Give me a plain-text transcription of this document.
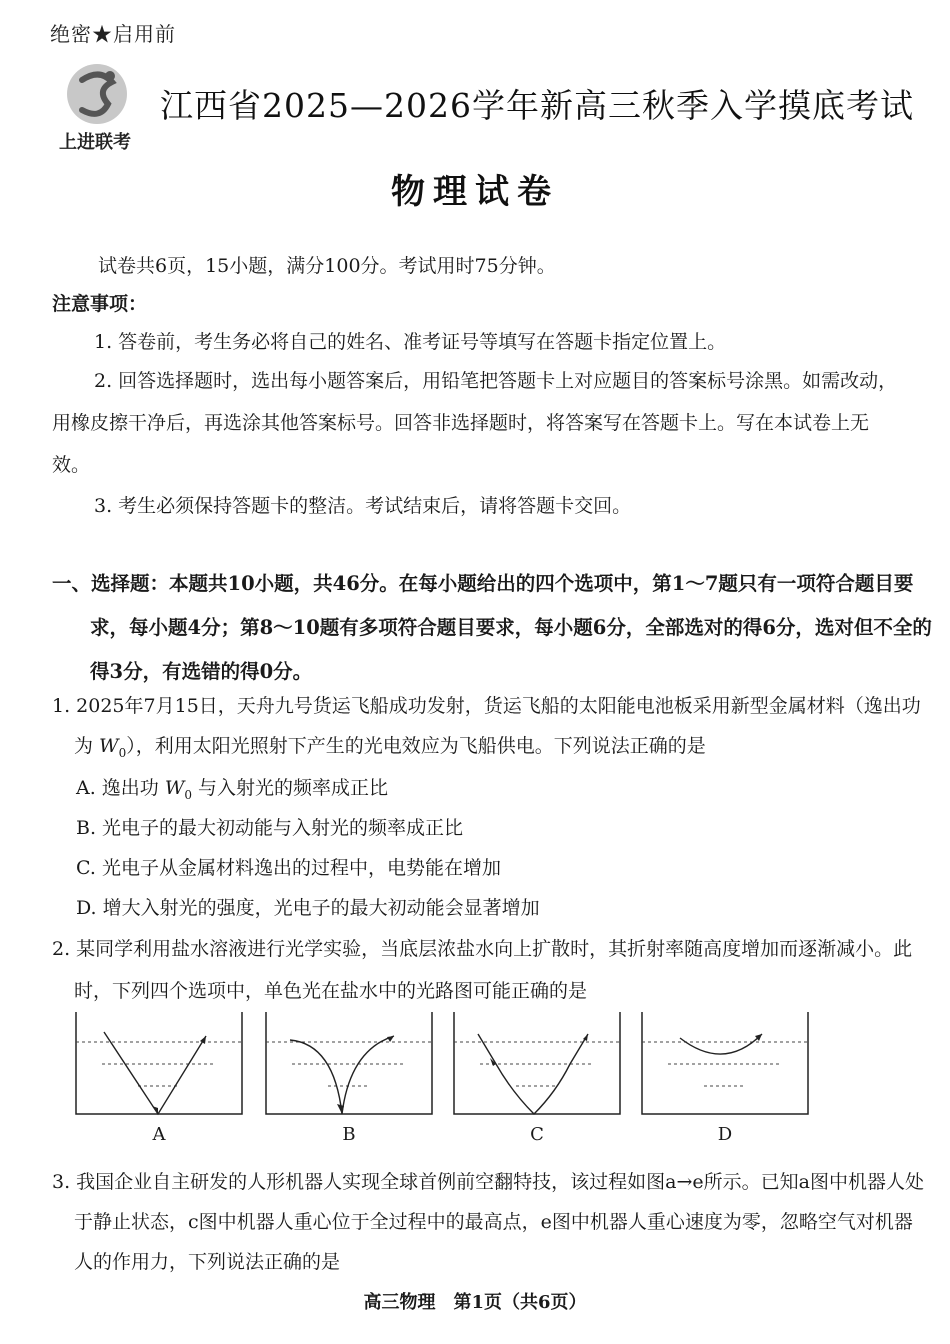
绝密★启用前
上进联考
江西省2025—2026学年新高三秋季入学摸底考试
物理试卷
试卷共6页，15小题，满分100分。考试用时75分钟。
注意事项：
1. 答卷前，考生务必将自己的姓名、准考证号等填写在答题卡指定位置上。
2. 回答选择题时，选出每小题答案后，用铅笔把答题卡上对应题目的答案标号涂黑。如需改动，用橡皮擦干净后，再选涂其他答案标号。回答非选择题时，将答案写在答题卡上。写在本试卷上无效。
3. 考生必须保持答题卡的整洁。考试结束后，请将答题卡交回。
一、选择题：本题共10小题，共46分。在每小题给出的四个选项中，第1～7题只有一项符合题目要求，每小题4分；第8～10题有多项符合题目要求，每小题6分，全部选对的得6分，选对但不全的得3分，有选错的得0分。
1. 2025年7月15日，天舟九号货运飞船成功发射，货运飞船的太阳能电池板采用新型金属材料（逸出功为 $W_0$），利用太阳光照射下产生的光电效应为飞船供电。下列说法正确的是
A. 逸出功 $W_0$ 与入射光的频率成正比
B. 光电子的最大初动能与入射光的频率成正比
C. 光电子从金属材料逸出的过程中，电势能在增加
D. 增大入射光的强度，光电子的最大初动能会显著增加
2. 某同学利用盐水溶液进行光学实验，当底层浓盐水向上扩散时，其折射率随高度增加而逐渐减小。此时，下列四个选项中，单色光在盐水中的光路图可能正确的是
A	B	C	D
3. 我国企业自主研发的人形机器人实现全球首例前空翻特技，该过程如图a→e所示。已知a图中机器人处于静止状态，c图中机器人重心位于全过程中的最高点，e图中机器人重心速度为零，忽略空气对机器人的作用力，下列说法正确的是
高三物理　第1页（共6页）
